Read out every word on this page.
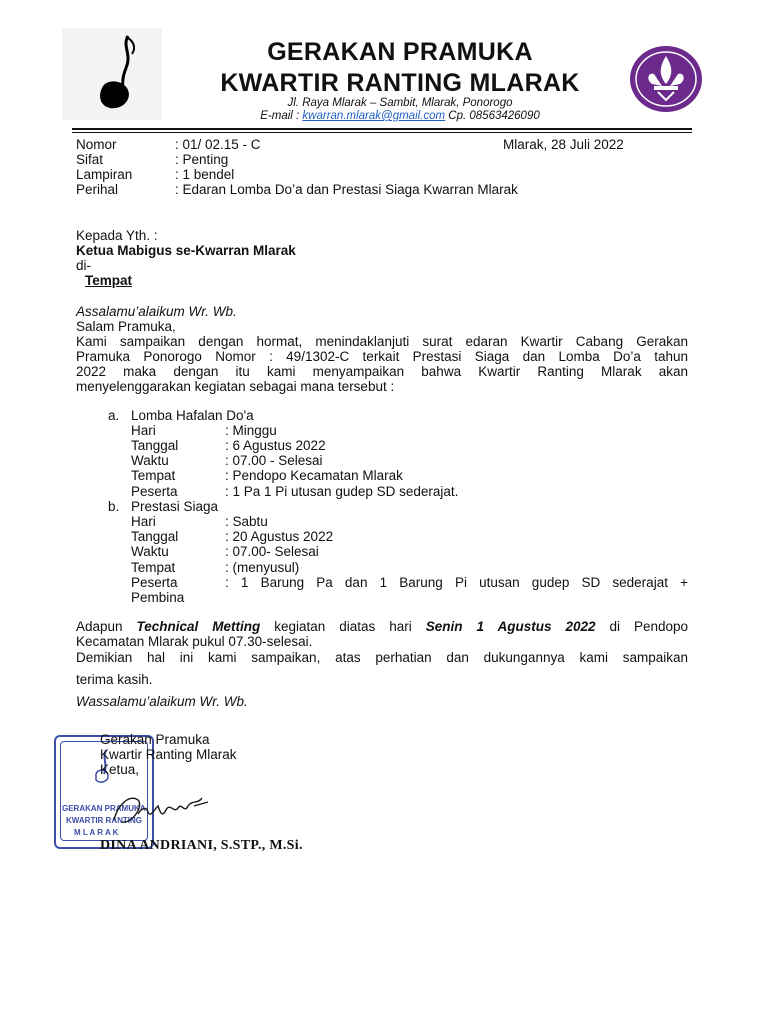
GERAKAN PRAMUKA
KWARTIR RANTING MLARAK
Jl. Raya Mlarak – Sambit, Mlarak, Ponorogo
E-mail : kwarran.mlarak@gmail.com Cp. 08563426090
Nomor	: 01/ 02.15 - C	Mlarak, 28 Juli 2022
Sifat	: Penting
Lampiran	: 1 bendel
Perihal	: Edaran Lomba Do’a dan Prestasi Siaga Kwarran Mlarak
Kepada Yth. :
Ketua Mabigus se-Kwarran Mlarak
di-
Tempat
Assalamu’alaikum Wr. Wb.
Salam Pramuka,
Kami sampaikan dengan hormat, menindaklanjuti surat edaran Kwartir Cabang Gerakan
Pramuka Ponorogo Nomor : 49/1302-C terkait Prestasi Siaga dan Lomba Do’a tahun
2022 maka dengan itu kami menyampaikan bahwa Kwartir Ranting Mlarak akan
menyelenggarakan kegiatan sebagai mana tersebut :
a. Lomba Hafalan Do'a
Hari	: Minggu
Tanggal	: 6 Agustus 2022
Waktu	: 07.00 - Selesai
Tempat	: Pendopo Kecamatan Mlarak
Peserta	: 1 Pa 1 Pi utusan gudep SD sederajat.
b. Prestasi Siaga
Hari	: Sabtu
Tanggal	: 20 Agustus 2022
Waktu	: 07.00- Selesai
Tempat	: (menyusul)
Peserta	: 1 Barung Pa dan 1 Barung Pi utusan gudep SD sederajat +
Pembina
Adapun Technical Metting kegiatan diatas hari Senin 1 Agustus 2022 di Pendopo
Kecamatan Mlarak pukul 07.30-selesai.
Demikian hal ini kami sampaikan, atas perhatian dan dukungannya kami sampaikan
terima kasih.
Wassalamu’alaikum Wr. Wb.
GERAKAN PRAMUKA
KWARTIR RANTING
M L A R A K
Gerakan Pramuka
Kwartir Ranting Mlarak
Ketua,
DINA ANDRIANI, S.STP., M.Si.
